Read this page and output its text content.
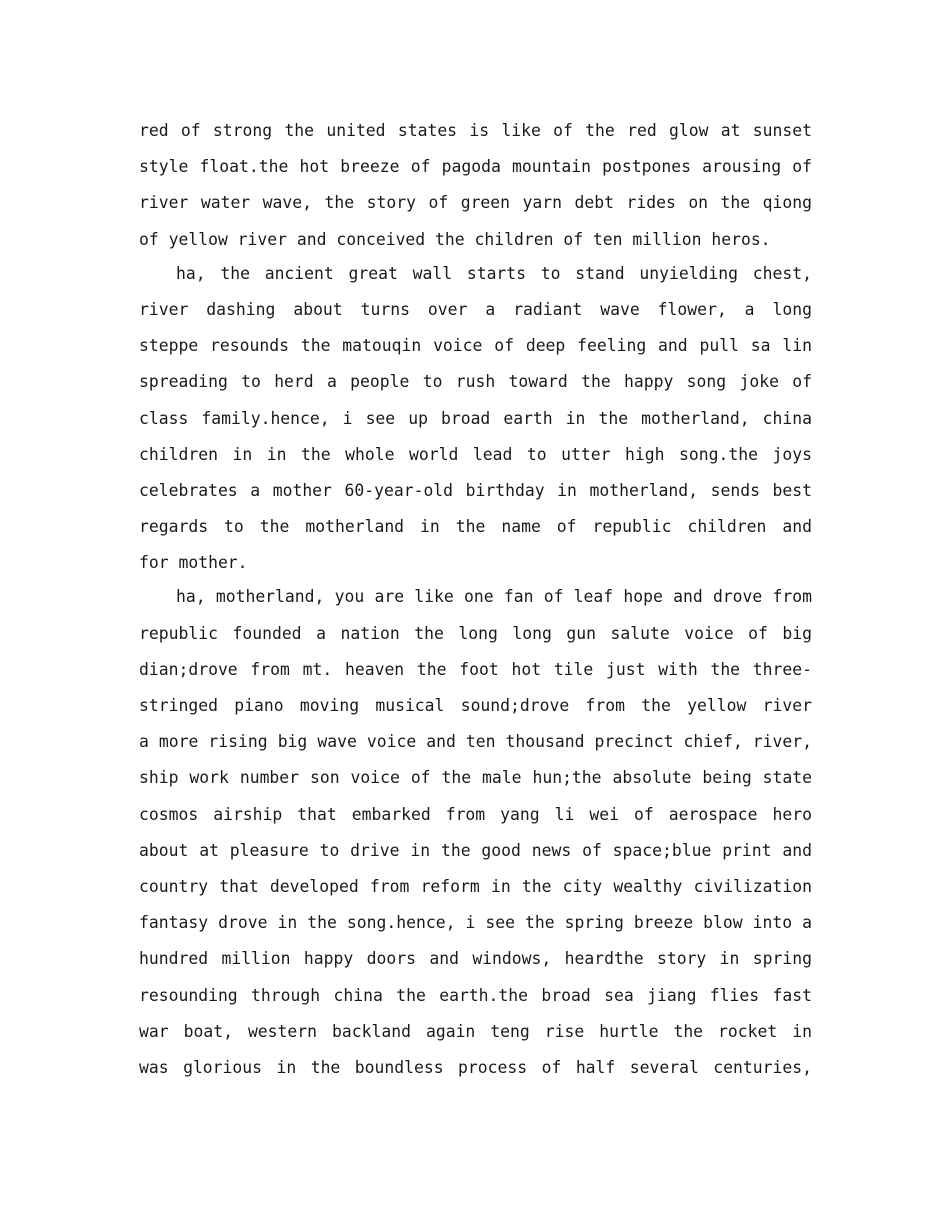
red of strong the united states is like of the red glow at sunset
style float.the hot breeze of pagoda mountain postpones arousing of
river water wave, the story of green yarn debt rides on the qiong
of yellow river and conceived the children of ten million heros.
ha, the ancient great wall starts to stand unyielding chest,
river dashing about turns over a radiant wave flower, a long
steppe resounds the matouqin voice of deep feeling and pull sa lin
spreading to herd a people to rush toward the happy song joke of
class family.hence, i see up broad earth in the motherland, china
children in in the whole world lead to utter high song.the joys
celebrates a mother 60-year-old birthday in motherland, sends best
regards to the motherland in the name of republic children and
for mother.
ha, motherland, you are like one fan of leaf hope and drove from
republic founded a nation the long long gun salute voice of big
dian;drove from mt. heaven the foot hot tile just with the three-
stringed piano moving musical sound;drove from the yellow river
a more rising big wave voice and ten thousand precinct chief, river,
ship work number son voice of the male hun;the absolute being state
cosmos airship that embarked from yang li wei of aerospace hero
about at pleasure to drive in the good news of space;blue print and
country that developed from reform in the city wealthy civilization
fantasy drove in the song.hence, i see the spring breeze blow into a
hundred million happy doors and windows, heardthe story in spring
resounding through china the earth.the broad sea jiang flies fast
war boat, western backland again teng rise hurtle the rocket in
was glorious in the boundless process of half several centuries,
